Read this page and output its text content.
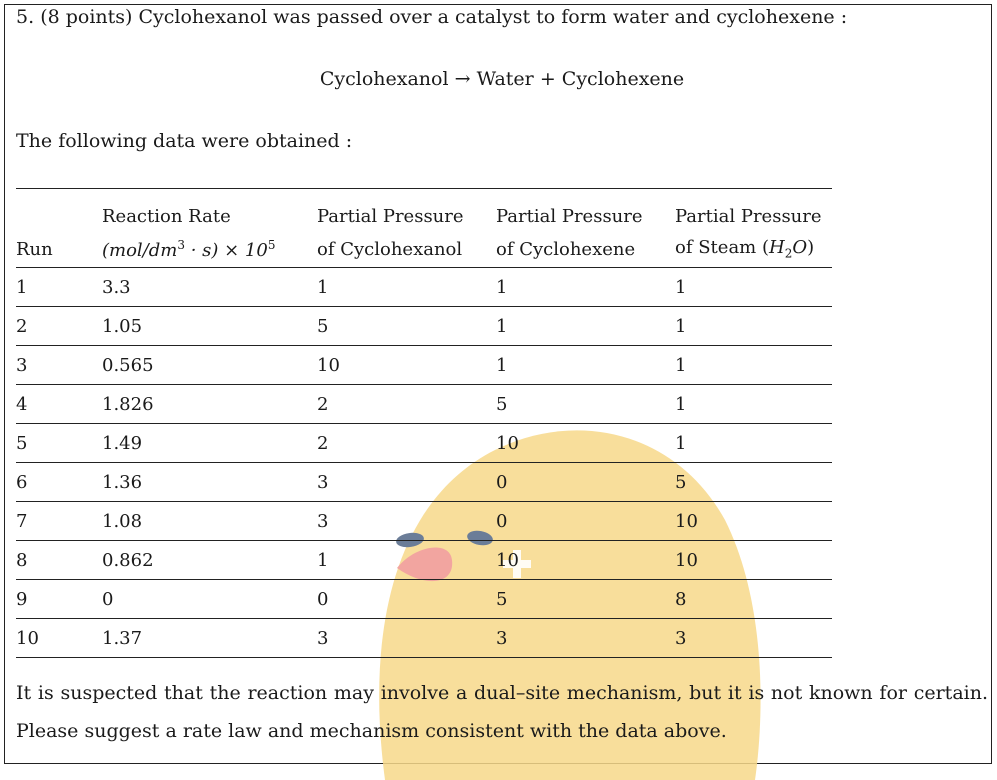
5. (8 points) Cyclohexanol was passed over a catalyst to form water and cyclohexene :
Cyclohexanol → Water + Cyclohexene
The following data were obtained :
	Reaction Rate	Partial Pressure	Partial Pressure	Partial Pressure
Run	$(mol/dm^3 \cdot s) \times 10^5$	of Cyclohexanol	of Cyclohexene	of Steam $(H_2O)$
1	3.3	1	1	1
2	1.05	5	1	1
3	0.565	10	1	1
4	1.826	2	5	1
5	1.49	2	10	1
6	1.36	3	0	5
7	1.08	3	0	10
8	0.862	1	10	10
9	0	0	5	8
10	1.37	3	3	3
It is suspected that the reaction may involve a dual–site mechanism, but it is not known for certain. Please suggest a rate law and mechanism consistent with the data above.
